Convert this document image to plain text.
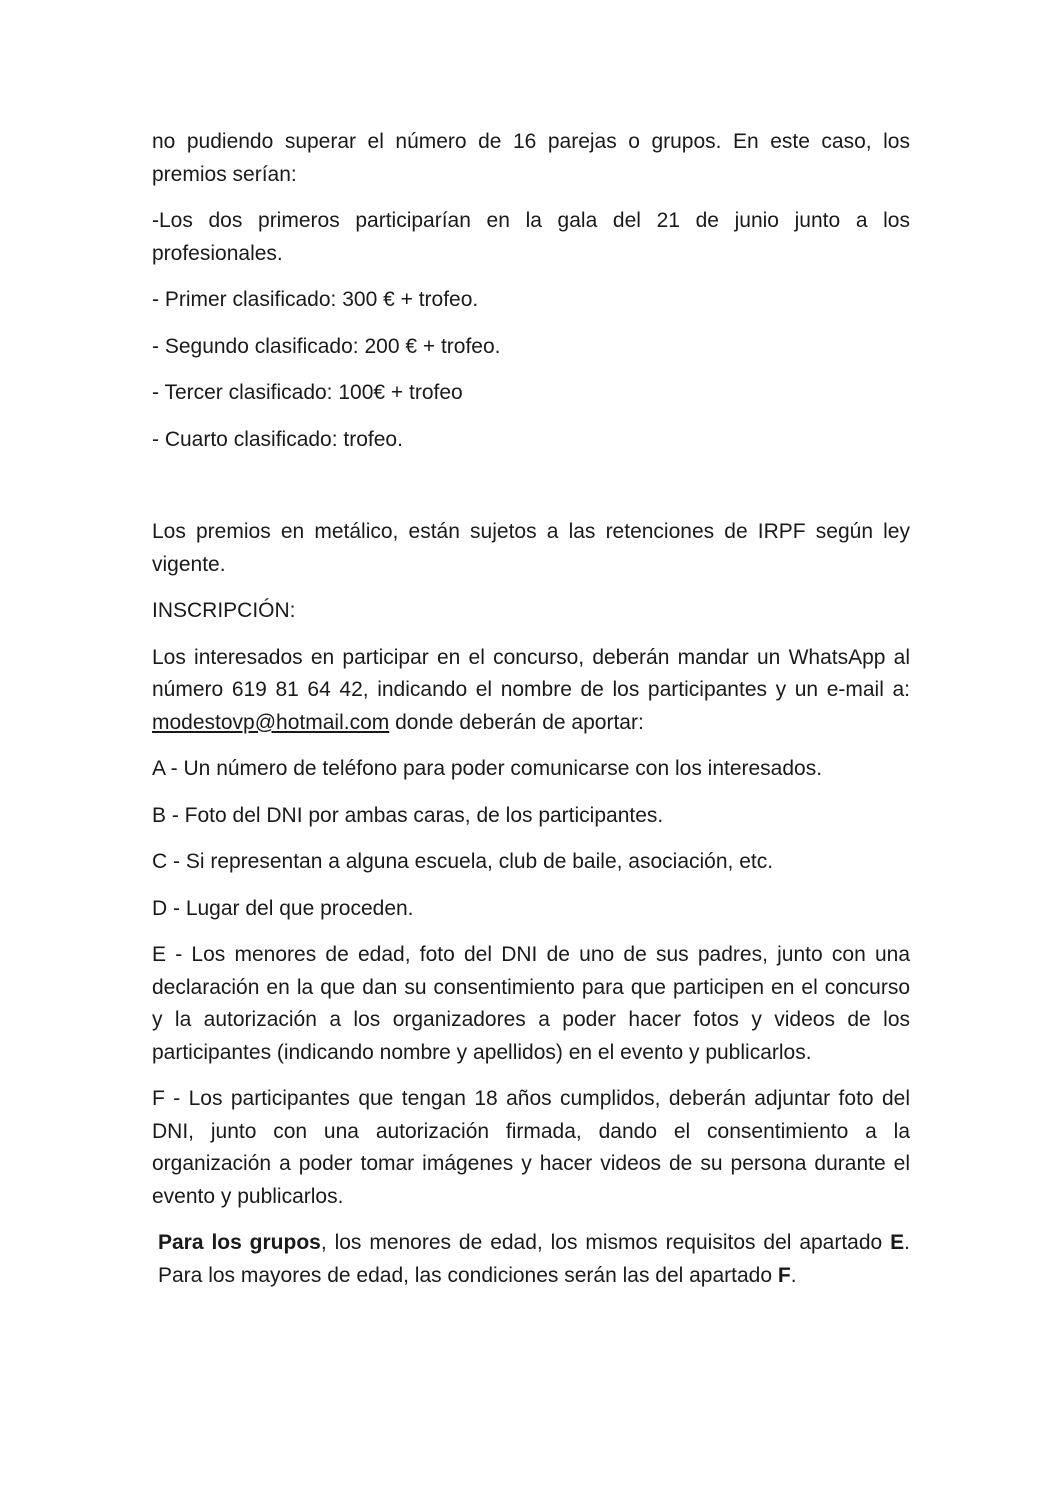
no pudiendo superar el número de 16 parejas o grupos. En este caso, los premios serían:

-Los dos primeros participarían en la gala del 21 de junio junto a los profesionales.

- Primer clasificado: 300 € + trofeo.

- Segundo clasificado: 200 € + trofeo.

- Tercer clasificado: 100€ + trofeo

- Cuarto clasificado: trofeo.

Los premios en metálico, están sujetos a las retenciones de IRPF según ley vigente.

INSCRIPCIÓN:

Los interesados en participar en el concurso, deberán mandar un WhatsApp al número 619 81 64 42, indicando el nombre de los participantes y un e-mail a: modestovp@hotmail.com donde deberán de aportar:

A - Un número de teléfono para poder comunicarse con los interesados.

B - Foto del DNI por ambas caras, de los participantes.

C - Si representan a alguna escuela, club de baile, asociación, etc.

D - Lugar del que proceden.

E - Los menores de edad, foto del DNI de uno de sus padres, junto con una declaración en la que dan su consentimiento para que participen en el concurso y la autorización a los organizadores a poder hacer fotos y videos de los participantes (indicando nombre y apellidos) en el evento y publicarlos.

F - Los participantes que tengan 18 años cumplidos, deberán adjuntar foto del DNI, junto con una autorización firmada, dando el consentimiento a la organización a poder tomar imágenes y hacer videos de su persona durante el evento y publicarlos.

Para los grupos, los menores de edad, los mismos requisitos del apartado E. Para los mayores de edad, las condiciones serán las del apartado F.
